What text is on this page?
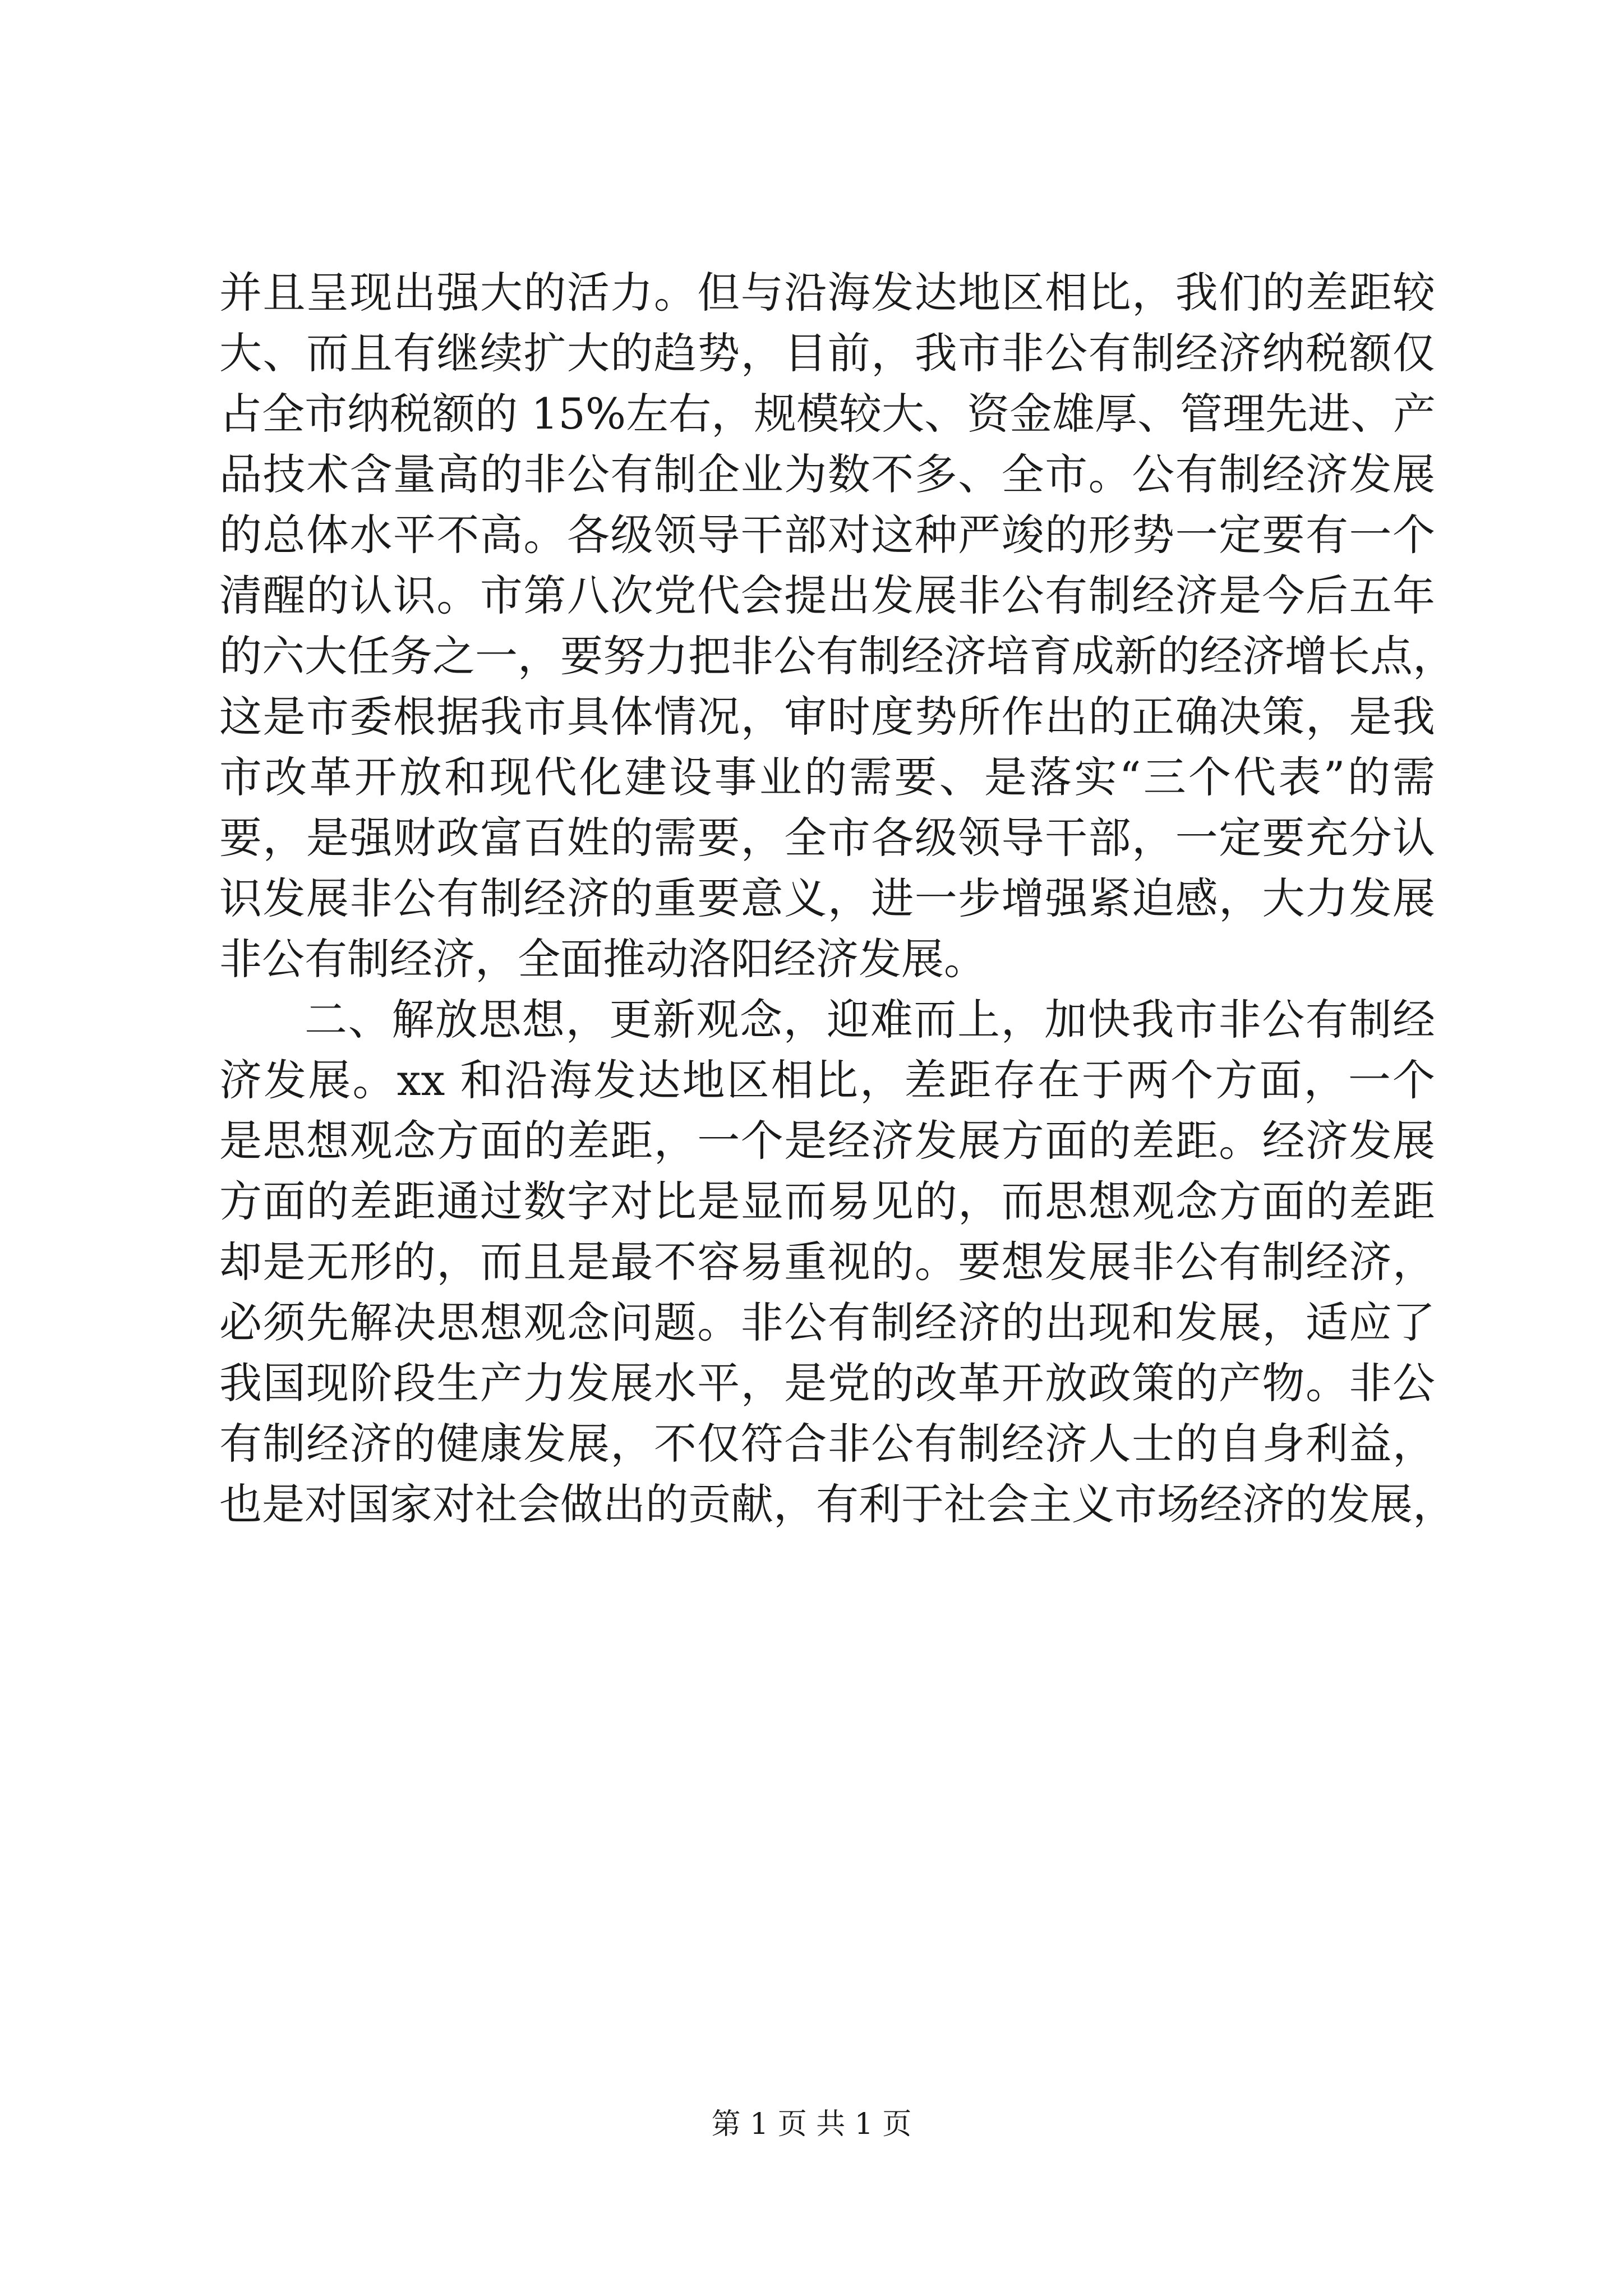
并且呈现出强大的活力。但与沿海发达地区相比，我们的差距较
大、而且有继续扩大的趋势，目前，我市非公有制经济纳税额仅
占全市纳税额的 15%左右，规模较大、资金雄厚、管理先进、产
品技术含量高的非公有制企业为数不多、全市。公有制经济发展
的总体水平不高。各级领导干部对这种严竣的形势一定要有一个
清醒的认识。市第八次党代会提出发展非公有制经济是今后五年
的六大任务之一，要努力把非公有制经济培育成新的经济增长点，
这是市委根据我市具体情况，审时度势所作出的正确决策，是我
市改革开放和现代化建设事业的需要、是落实“三个代表”的需
要，是强财政富百姓的需要，全市各级领导干部，一定要充分认
识发展非公有制经济的重要意义，进一步增强紧迫感，大力发展
非公有制经济，全面推动洛阳经济发展。
二、解放思想，更新观念，迎难而上，加快我市非公有制经
济发展。xx 和沿海发达地区相比，差距存在于两个方面，一个
是思想观念方面的差距，一个是经济发展方面的差距。经济发展
方面的差距通过数字对比是显而易见的，而思想观念方面的差距
却是无形的，而且是最不容易重视的。要想发展非公有制经济，
必须先解决思想观念问题。非公有制经济的出现和发展，适应了
我国现阶段生产力发展水平，是党的改革开放政策的产物。非公
有制经济的健康发展，不仅符合非公有制经济人士的自身利益，
也是对国家对社会做出的贡献，有利于社会主义市场经济的发展，
第 1 页 共 1 页
